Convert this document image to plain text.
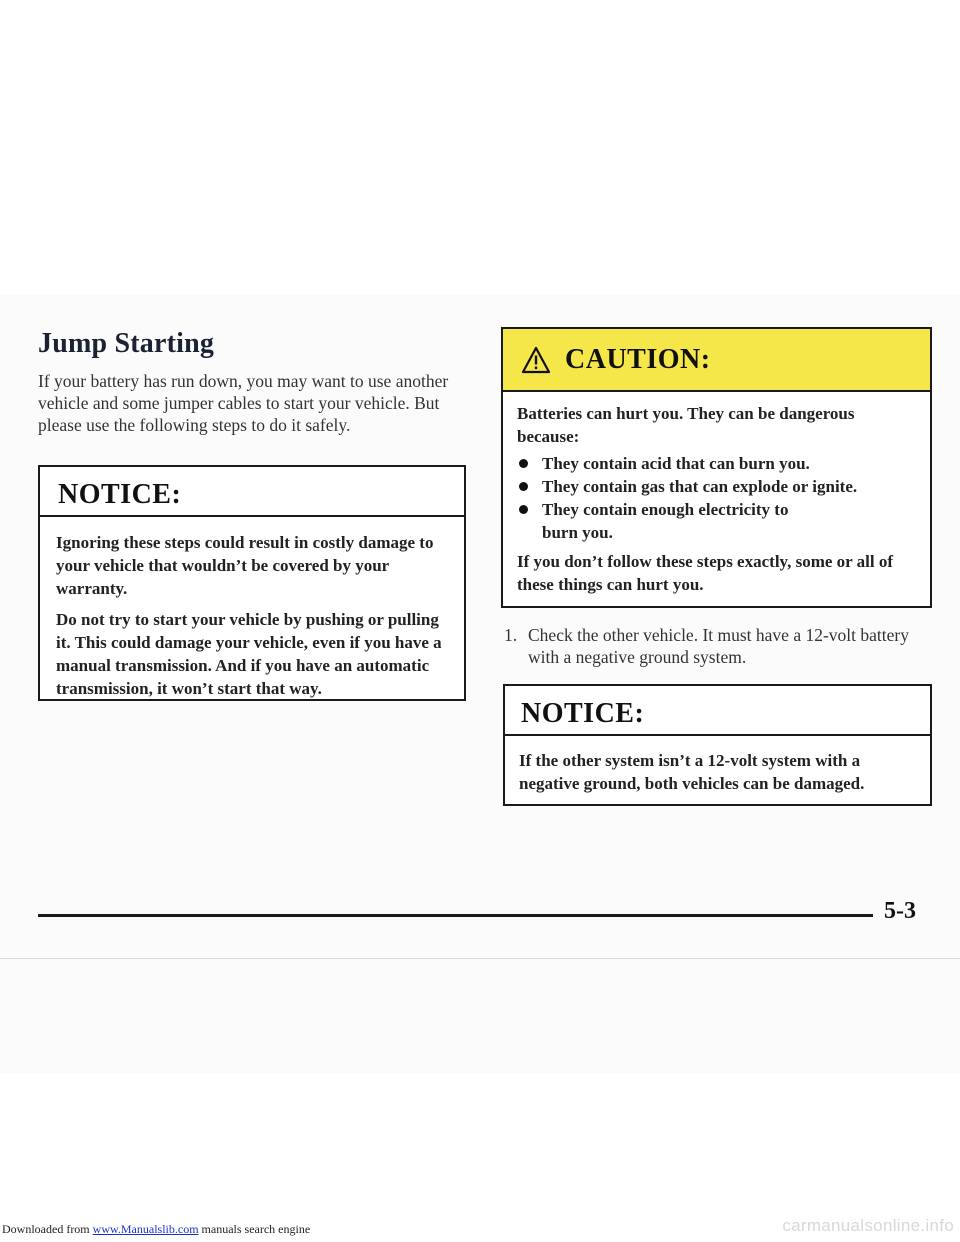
Jump Starting

If your battery has run down, you may want to use another vehicle and some jumper cables to start your vehicle. But please use the following steps to do it safely.

NOTICE:

Ignoring these steps could result in costly damage to your vehicle that wouldn’t be covered by your warranty.

Do not try to start your vehicle by pushing or pulling it. This could damage your vehicle, even if you have a manual transmission. And if you have an automatic transmission, it won’t start that way.

CAUTION:

Batteries can hurt you. They can be dangerous because:

They contain acid that can burn you.
They contain gas that can explode or ignite.
They contain enough electricity to burn you.

If you don’t follow these steps exactly, some or all of these things can hurt you.

1. Check the other vehicle. It must have a 12-volt battery with a negative ground system.
NOTICE:

If the other system isn’t a 12-volt system with a negative ground, both vehicles can be damaged.

5-3
Downloaded from www.Manualslib.com manuals search engine	carmanualsonline.info
